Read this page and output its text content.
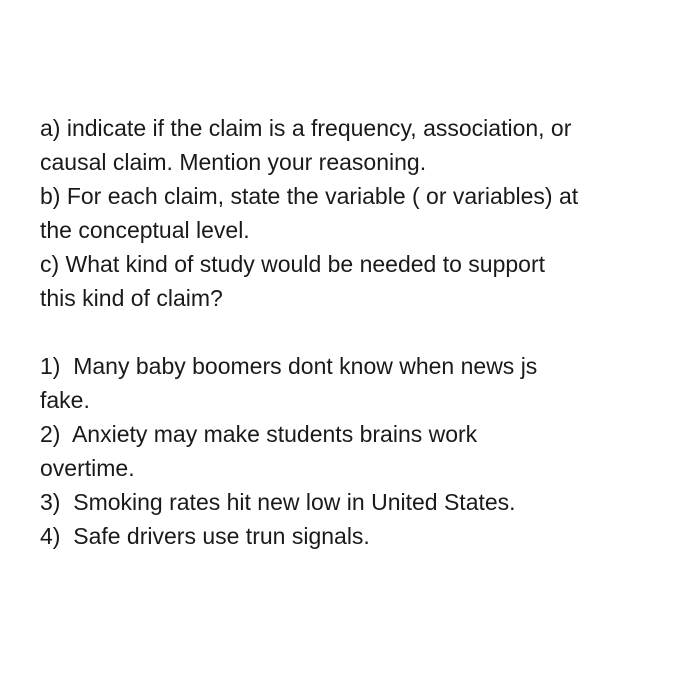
a) indicate if the claim is a frequency, association, or
causal claim. Mention your reasoning.
b) For each claim, state the variable ( or variables) at
the conceptual level.
c) What kind of study would be needed to support
this kind of claim?
1)  Many baby boomers dont know when news js
fake.
2)  Anxiety may make students brains work
overtime.
3)  Smoking rates hit new low in United States.
4)  Safe drivers use trun signals.
